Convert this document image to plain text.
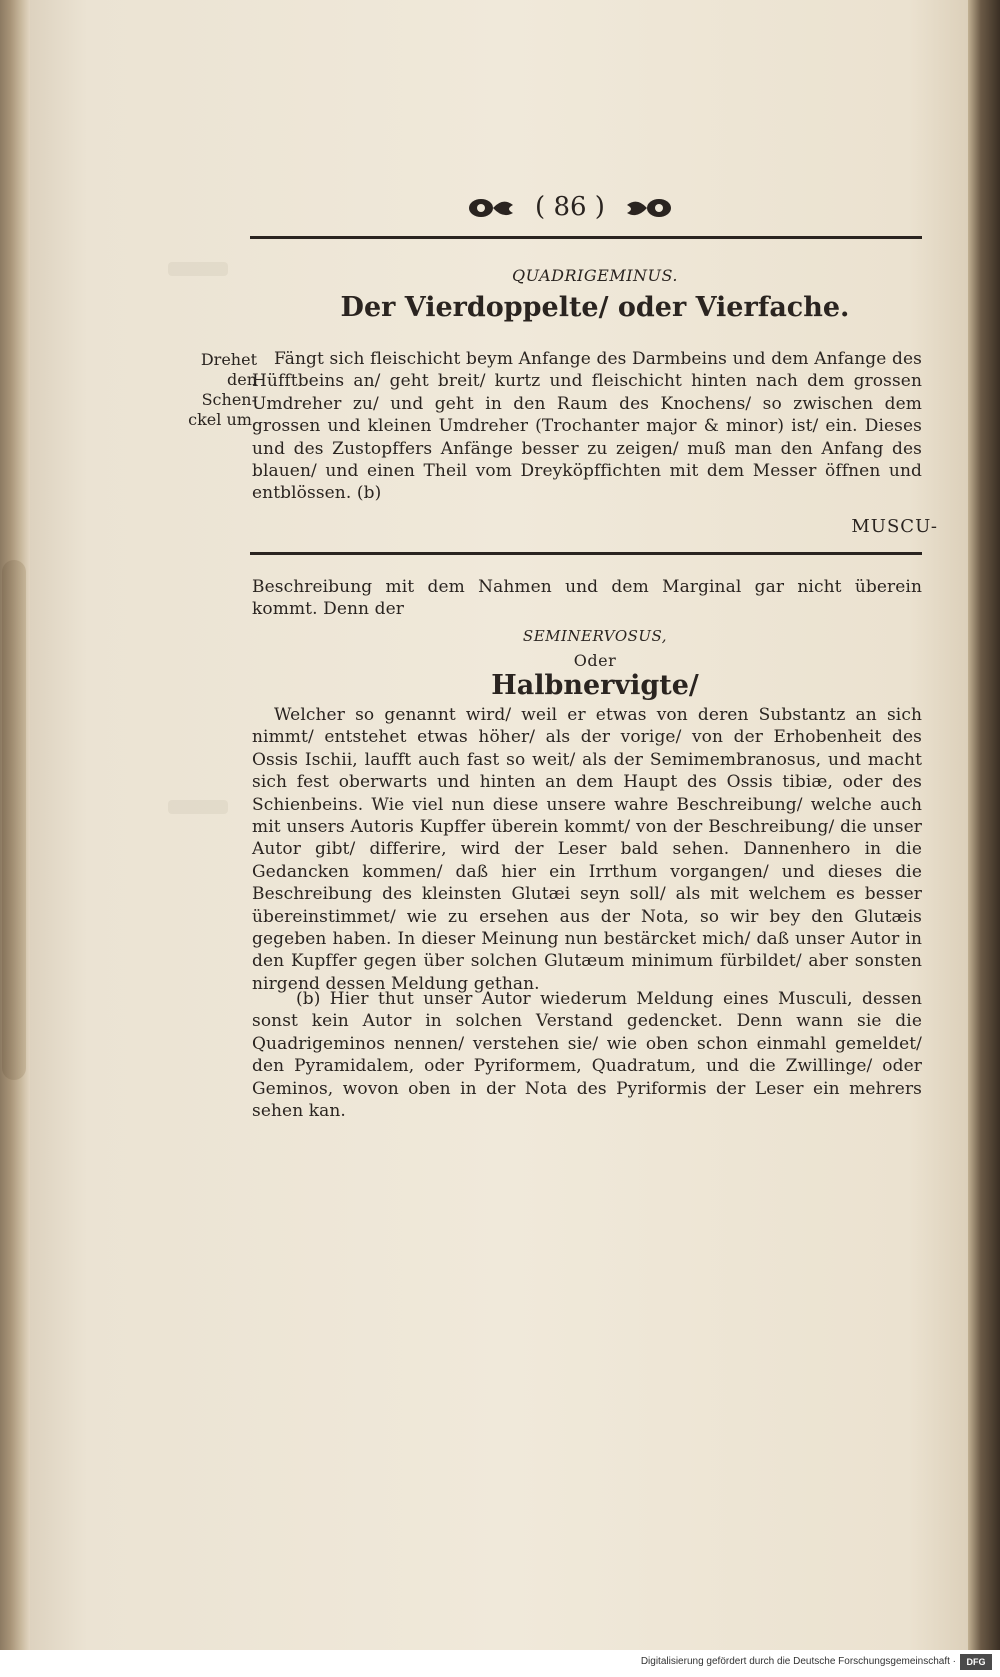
( 86 )
QUADRIGEMINUS.
Der Vierdoppelte/ oder Vierfache.
Drehet den Schen-ckel um.
Fängt sich fleischicht beym Anfange des Darmbeins und dem Anfange des Hüfftbeins an/ geht breit/ kurtz und fleischicht hinten nach dem grossen Umdreher zu/ und geht in den Raum des Knochens/ so zwischen dem grossen und kleinen Umdreher (Trochanter major & minor) ist/ ein. Dieses und des Zustopffers Anfänge besser zu zeigen/ muß man den Anfang des blauen/ und einen Theil vom Dreyköpffichten mit dem Messer öffnen und entblössen. (b)
MUSCU-
Beschreibung mit dem Nahmen und dem Marginal gar nicht überein kommt. Denn der
SEMINERVOSUS,
Oder
Halbnervigte/
Welcher so genannt wird/ weil er etwas von deren Substantz an sich nimmt/ entstehet etwas höher/ als der vorige/ von der Erhobenheit des Ossis Ischii, laufft auch fast so weit/ als der Semimembranosus, und macht sich fest oberwarts und hinten an dem Haupt des Ossis tibiæ, oder des Schienbeins. Wie viel nun diese unsere wahre Beschreibung/ welche auch mit unsers Autoris Kupffer überein kommt/ von der Beschreibung/ die unser Autor gibt/ differire, wird der Leser bald sehen. Dannenhero in die Gedancken kommen/ daß hier ein Irrthum vorgangen/ und dieses die Beschreibung des kleinsten Glutæi seyn soll/ als mit welchem es besser übereinstimmet/ wie zu ersehen aus der Nota, so wir bey den Glutæis gegeben haben. In dieser Meinung nun bestärcket mich/ daß unser Autor in den Kupffer gegen über solchen Glutæum minimum fürbildet/ aber sonsten nirgend dessen Meldung gethan.
(b) Hier thut unser Autor wiederum Meldung eines Musculi, dessen sonst kein Autor in solchen Verstand gedencket. Denn wann sie die Quadrigeminos nennen/ verstehen sie/ wie oben schon einmahl gemeldet/ den Pyramidalem, oder Pyriformem, Quadratum, und die Zwillinge/ oder Geminos, wovon oben in der Nota des Pyriformis der Leser ein mehrers sehen kan.
Digitalisierung gefördert durch die Deutsche Forschungsgemeinschaft ·	DFG
